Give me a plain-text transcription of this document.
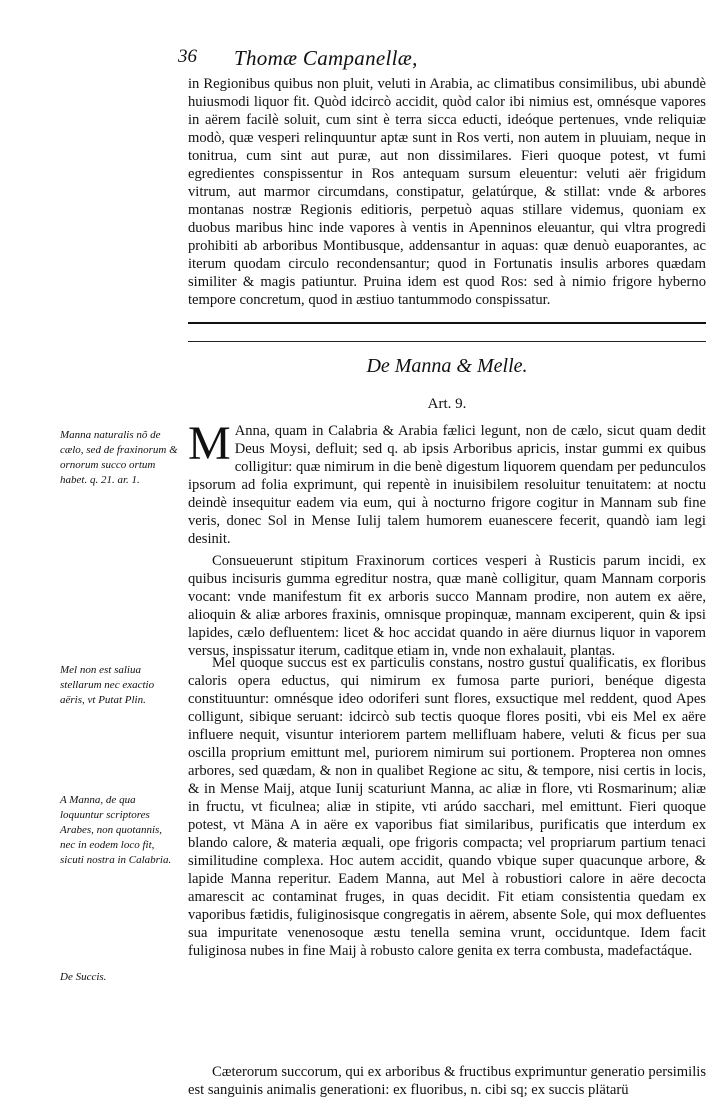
36 Thomæ Campanellæ,

in Regionibus quibus non pluit, veluti in Arabia, ac climatibus consimilibus, ubi abundè huiusmodi liquor fit. Quòd idcircò accidit, quòd calor ibi nimius est, omnésque vapores in aërem facilè soluit, cum sint è terra sicca educti, ideóque pertenues, vnde reliquiæ modò, quæ vesperi relinquuntur aptæ sunt in Ros verti, non autem in pluuiam, neque in tonitrua, cum sint aut puræ, aut non dissimilares. Fieri quoque potest, vt fumi egredientes conspissentur in Ros antequam sursum eleuentur: veluti aër frigidum vitrum, aut marmor circumdans, constipatur, gelatúrque, & stillat: vnde & arbores montanas nostræ Regionis editioris, perpetuò aquas stillare videmus, quoniam ex duobus maribus hinc inde vapores à ventis in Apenninos eleuantur, qui vltra progredi prohibiti ab arboribus Montibusque, addensantur in aquas: quæ denuò euaporantes, ac iterum quodam circulo recondensantur; quod in Fortunatis insulis arbores quædam similiter & magis patiuntur. Pruina idem est quod Ros: sed à nimio frigore hyberno tempore concretum, quod in æstiuo tantummodo conspissatur.

De Manna & Melle.
Art. 9.
M Anna, quam in Calabria & Arabia fælici legunt, non de cælo, sicut quam dedit Deus Moysi, defluit; sed q. ab ipsis Arboribus apricis, instar gummi ex quibus colligitur: quæ nimirum in die benè digestum liquorem quendam per pedunculos ipsorum ad folia exprimunt, qui repentè in inuisibilem resoluitur tenuitatem: at noctu deindè insequitur eadem via eum, qui à nocturno frigore cogitur in Mannam sub fine veris, donec Sol in Mense Iulij talem humorem euanescere fecerit, quandò iam legi desinit.

Consueuerunt stipitum Fraxinorum cortices vesperi à Rusticis parum incidi, ex quibus incisuris gumma egreditur nostra, quæ manè colligitur, quam Mannam corporis vocant: vnde manifestum fit ex arboris succo Mannam prodire, non autem ex aëre, alioquin & aliæ arbores fraxinis, omnisque propinquæ, mannam exciperent, quin & ipsi lapides, cælo defluentem: licet & hoc accidat quando in aëre diurnus liquor in vaporem versus, inspissatur iterum, caditque etiam in, vnde non exhalauit, plantas.

Mel quoque succus est ex particulis constans, nostro gustui qualificatis, ex floribus caloris opera eductus, qui nimirum ex fumosa parte puriori, benéque digesta constituuntur: omnésque ideo odoriferi sunt flores, exsuctique mel reddent, quod Apes colligunt, sibique seruant: idcircò sub tectis quoque flores positi, vbi eis Mel ex aëre influere nequit, visuntur interiorem partem mellifluam habere, veluti & ficus per sua oscilla proprium emittunt mel, puriorem nimirum sui portionem. Propterea non omnes arbores, sed quædam, & non in qualibet Regione ac situ, & tempore, nisi certis in locis, & in Mense Maij, atque Iunij scaturiunt Manna, ac aliæ in flore, vti Rosmarinum; aliæ in fructu, vt ficulnea; aliæ in stipite, vti arúdo sacchari, mel emittunt. Fieri quoque potest, vt Mäna A in aëre ex vaporibus fiat similaribus, purificatis que interdum ex blando calore, & materia æquali, ope frigoris compacta; vel propriarum partium tenaci similitudine complexa. Hoc autem accidit, quando vbique super quacunque arbore, & lapide Manna reperitur. Eadem Manna, aut Mel à robustiori calore in aëre decocta amarescit ac contaminat fruges, in quas decidit. Fit etiam consistentia quedam ex vaporibus fætidis, fuliginosisque congregatis in aërem, absente Sole, qui mox defluentes sua impuritate venenosoque æstu tenella semina vrunt, occiduntque. Idem facit fuliginosa nubes in fine Maij à robusto calore genita ex terra combusta, madefactáque.

Cæterorum succorum, qui ex arboribus & fructibus exprimuntur generatio persimilis est sanguinis animalis generationi: ex fluoribus, n. cibi sq; ex succis plätarü

Manna naturalis nõ de cælo, sed de fraxinorum & ornorum succo ortum habet. q. 21. ar. 1.

Mel non est saliua stellarum nec exactio aëris, vt Putat Plin.

A Manna, de qua loquuntur scriptores Arabes, non quotannis, nec in eodem loco fit, sicuti nostra in Calabria.

De Succis.
